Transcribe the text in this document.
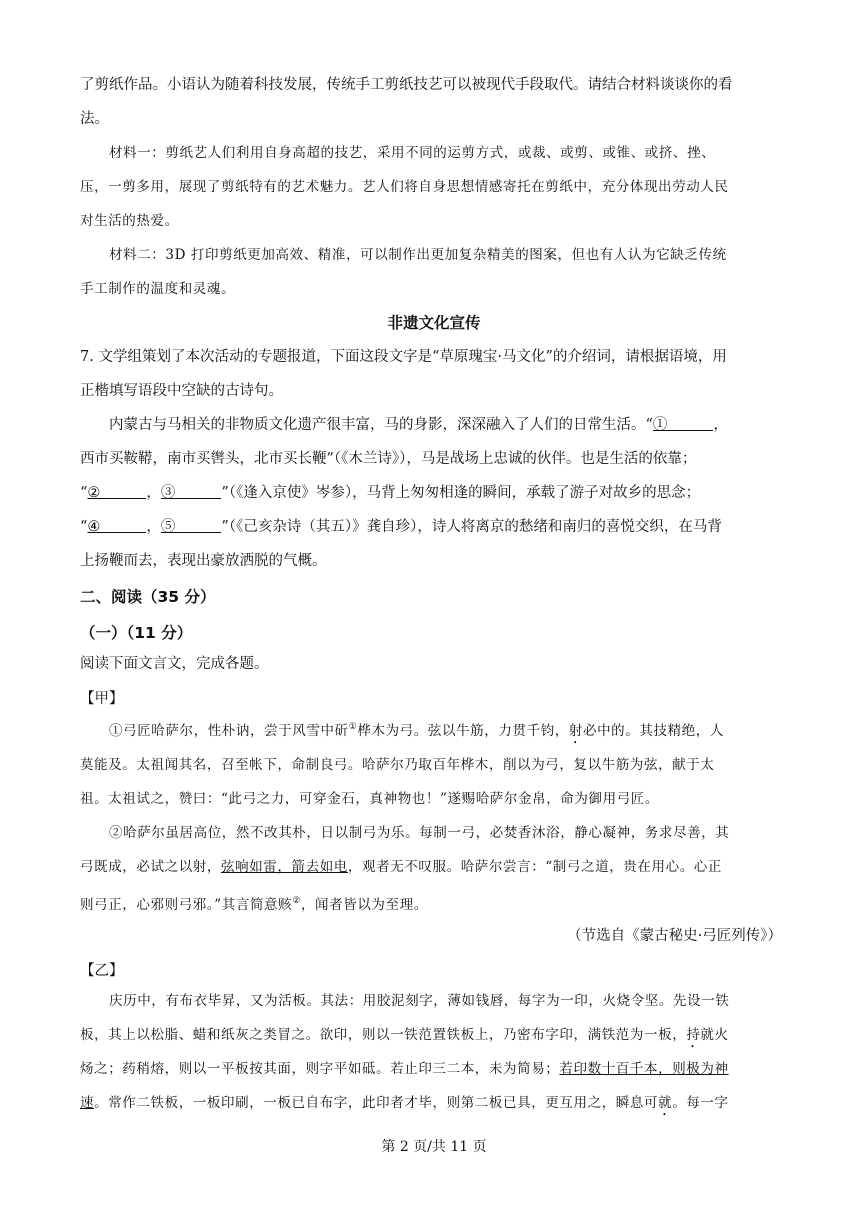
了剪纸作品。小语认为随着科技发展，传统手工剪纸技艺可以被现代手段取代。请结合材料谈谈你的看
法。
材料一：剪纸艺人们利用自身高超的技艺，采用不同的运剪方式，或裁、或剪、或锥、或挤、挫、
压，一剪多用，展现了剪纸特有的艺术魅力。艺人们将自身思想情感寄托在剪纸中，充分体现出劳动人民
对生活的热爱。
材料二：3D 打印剪纸更加高效、精准，可以制作出更加复杂精美的图案，但也有人认为它缺乏传统
手工制作的温度和灵魂。
非遗文化宣传
7. 文学组策划了本次活动的专题报道，下面这段文字是“草原瑰宝·马文化”的介绍词，请根据语境，用
正楷填写语段中空缺的古诗句。
内蒙古与马相关的非物质文化遗产很丰富，马的身影，深深融入了人们的日常生活。“①	，
西市买鞍鞯，南市买辔头，北市买长鞭”（《木兰诗》），马是战场上忠诚的伙伴。也是生活的依靠；
“②	，③	”（《逢入京使》岑参），马背上匆匆相逢的瞬间，承载了游子对故乡的思念；
“④	，⑤	”（《己亥杂诗（其五）》龚自珍），诗人将离京的愁绪和南归的喜悦交织，在马背
上扬鞭而去，表现出豪放洒脱的气概。
二、阅读（35 分）
（一）（11 分）
阅读下面文言文，完成各题。
【甲】
①弓匠哈萨尔，性朴讷，尝于风雪中斫①桦木为弓。弦以牛筋，力贯千钧，射必中的。其技精绝，人
莫能及。太祖闻其名，召至帐下，命制良弓。哈萨尔乃取百年桦木，削以为弓，复以牛筋为弦，献于太
祖。太祖试之，赞曰：“此弓之力，可穿金石，真神物也！”遂赐哈萨尔金帛，命为御用弓匠。
②哈萨尔虽居高位，然不改其朴，日以制弓为乐。每制一弓，必焚香沐浴，静心凝神，务求尽善，其
弓既成，必试之以射，弦响如雷，箭去如电，观者无不叹服。哈萨尔尝言：“制弓之道，贵在用心。心正
则弓正，心邪则弓邪。”其言简意赅②，闻者皆以为至理。
（节选自《蒙古秘史·弓匠列传》）
【乙】
庆历中，有布衣毕昇，又为活板。其法：用胶泥刻字，薄如钱唇，每字为一印，火烧令坚。先设一铁
板，其上以松脂、蜡和纸灰之类冒之。欲印，则以一铁范置铁板上，乃密布字印，满铁范为一板，持就火
炀之；药稍熔，则以一平板按其面，则字平如砥。若止印三二本，未为简易；若印数十百千本，则极为神
速。常作二铁板，一板印刷，一板已自布字，此印者才毕，则第二板已具，更互用之，瞬息可就。每一字
第 2 页/共 11 页
